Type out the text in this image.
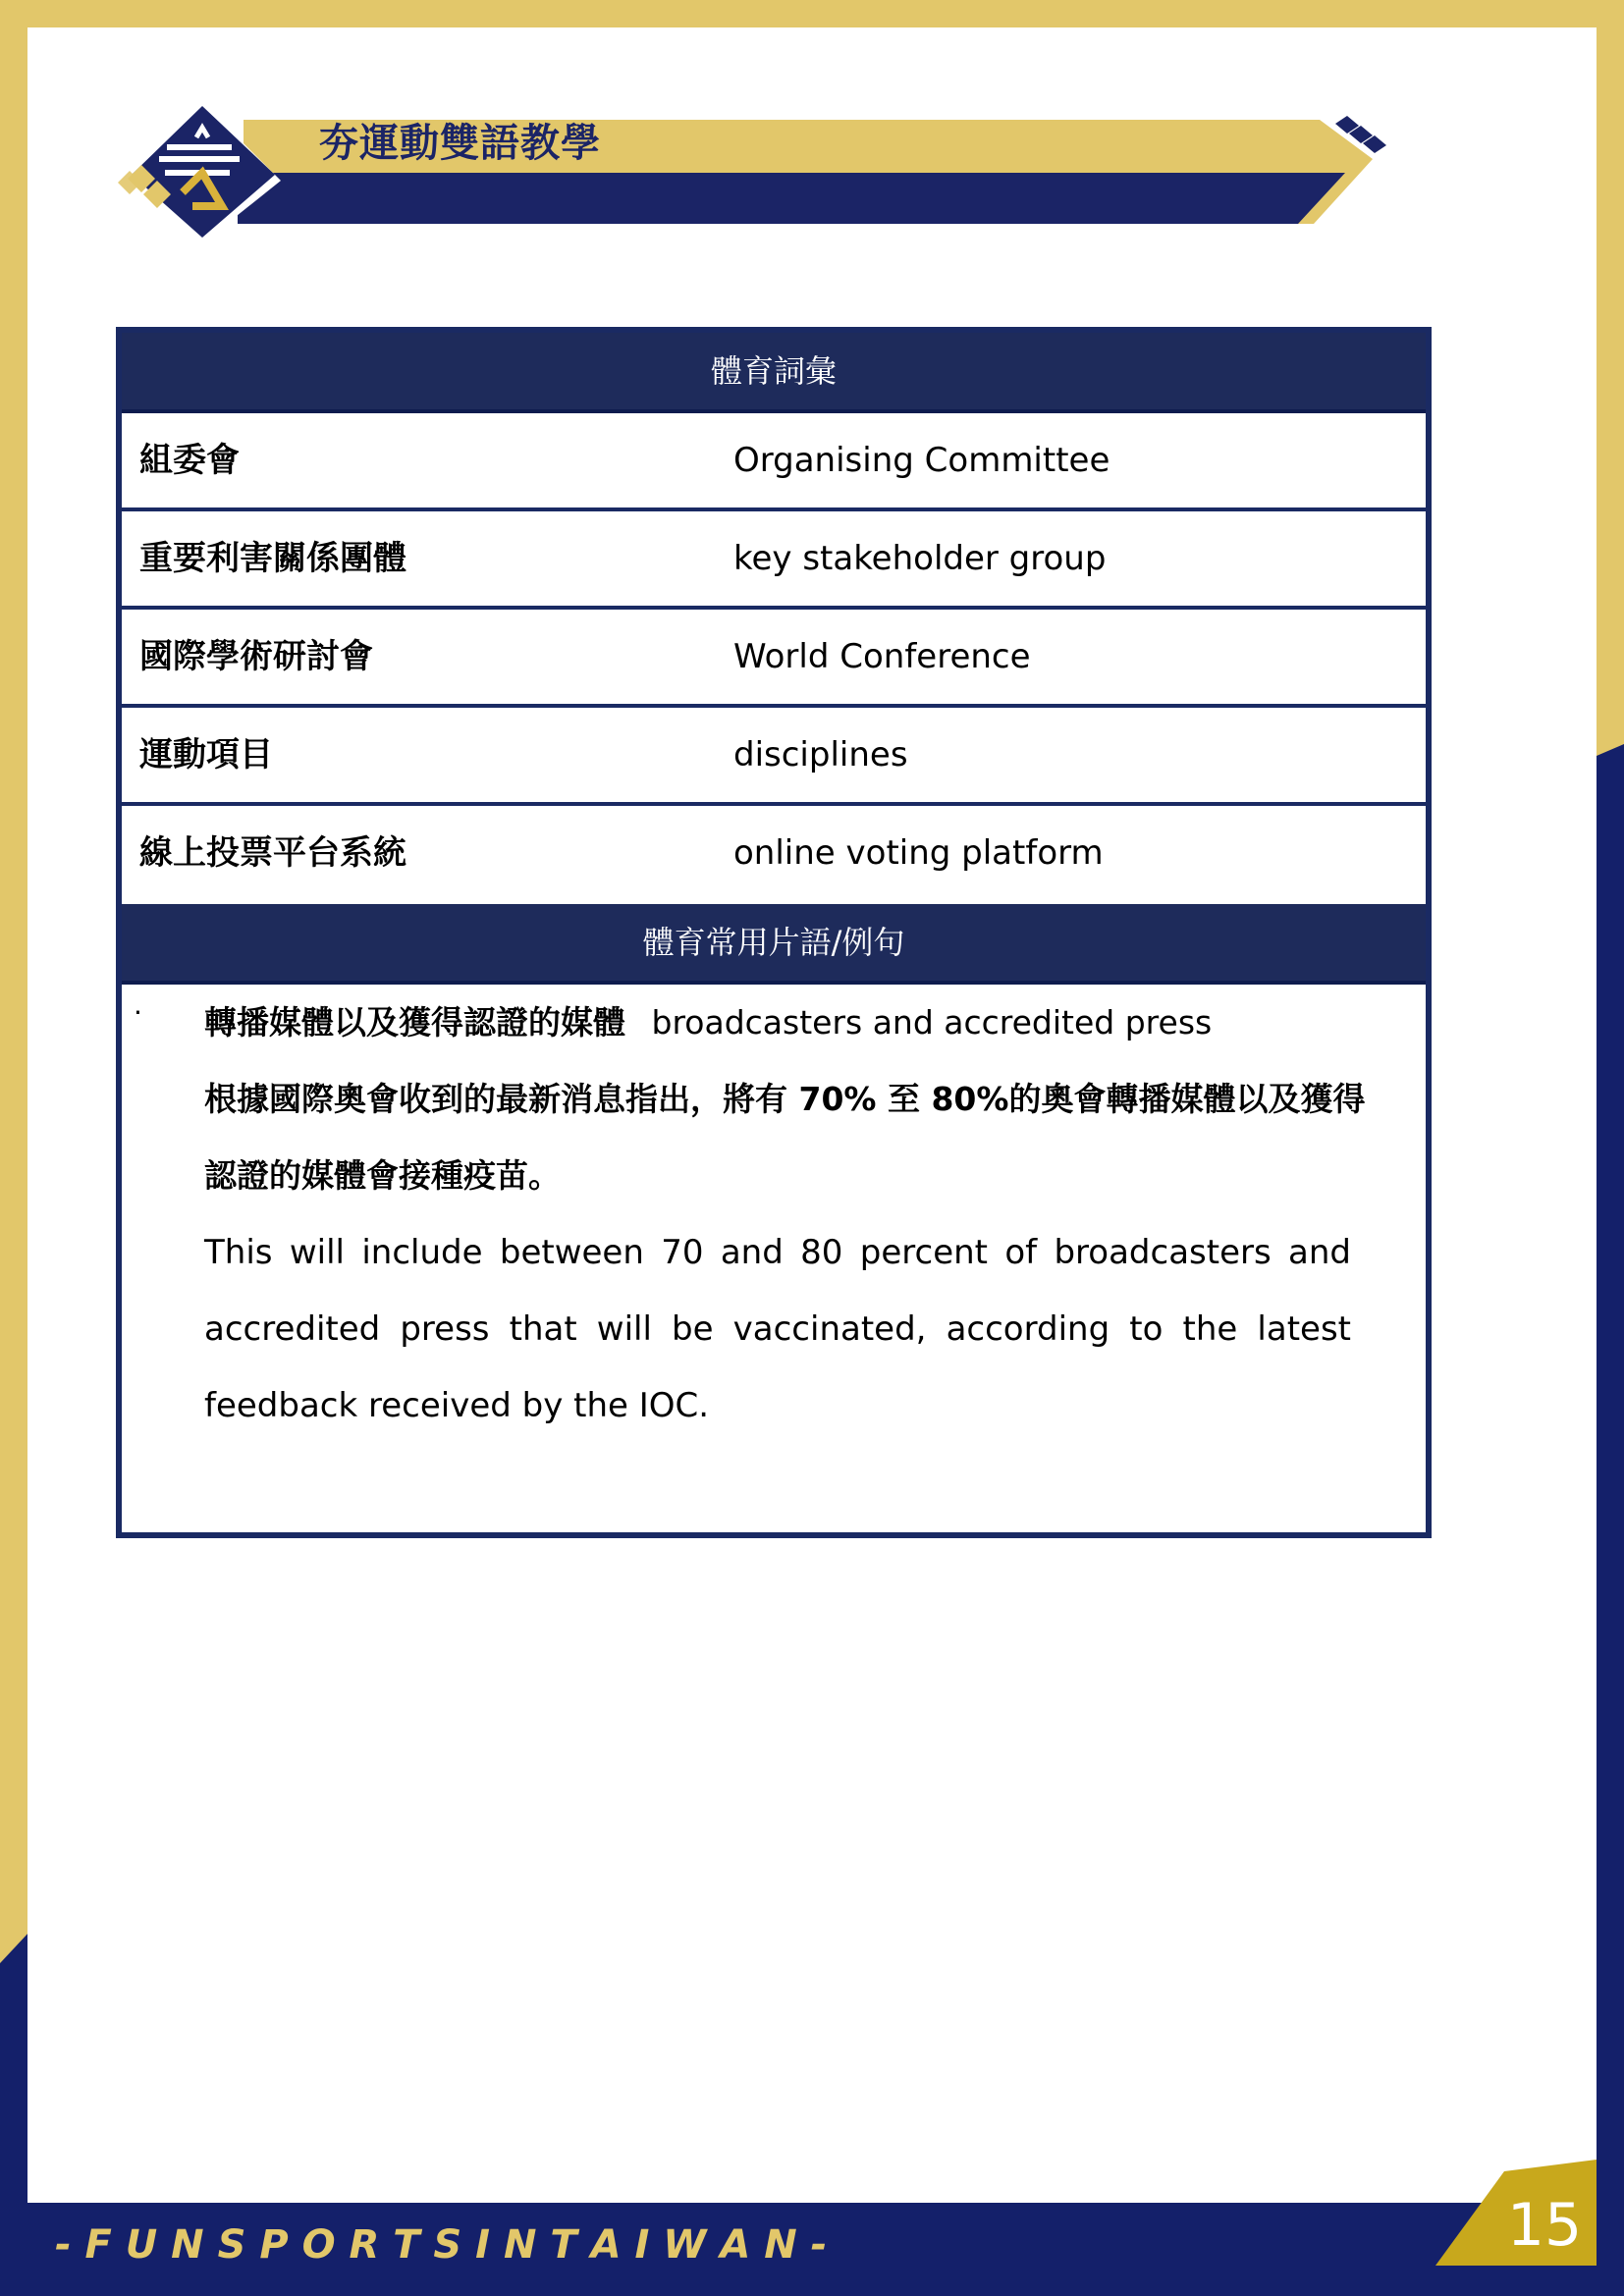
夯運動雙語教學
體育詞彙
組委會	Organising Committee
重要利害關係團體	key stakeholder group
國際學術研討會	World Conference
運動項目	disciplines
線上投票平台系統	online voting platform
體育常用片語/例句
· 轉播媒體以及獲得認證的媒體 broadcasters and accredited press
根據國際奧會收到的最新消息指出，將有 70% 至 80%的奧會轉播媒體以及獲得
認證的媒體會接種疫苗。
This will include between 70 and 80 percent of broadcasters and accredited press that will be vaccinated, according to the latest feedback received by the IOC.
- F U N S P O R T S I N T A I W A N -	15
